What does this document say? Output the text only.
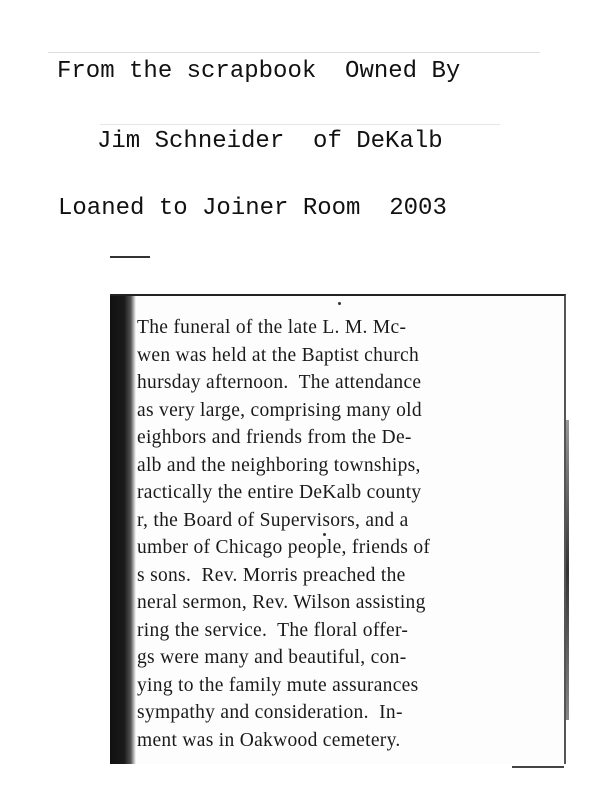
From the scrapbook  Owned By
Jim Schneider  of DeKalb
Loaned to Joiner Room  2003
The funeral of the late L. M. Mc-
wen was held at the Baptist church
hursday afternoon.  The attendance
as very large, comprising many old
eighbors and friends from the De-
alb and the neighboring townships,
ractically the entire DeKalb county
r, the Board of Supervisors, and a
umber of Chicago people, friends of
s sons.  Rev. Morris preached the
neral sermon, Rev. Wilson assisting
ring the service.  The floral offer-
gs were many and beautiful, con-
ying to the family mute assurances
sympathy and consideration.  In-
ment was in Oakwood cemetery.
